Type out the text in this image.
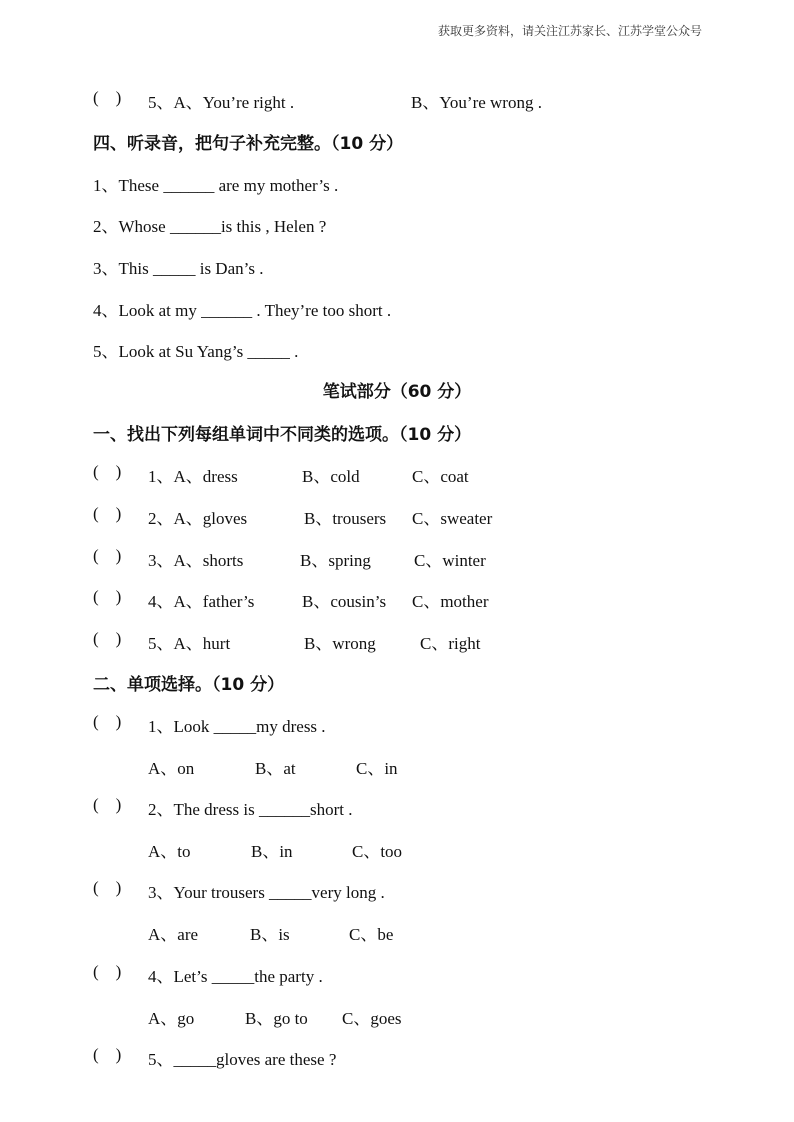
获取更多资料，请关注江苏家长、江苏学堂公众号
(    ) 5、A、You’re right .	B、You’re wrong .
四、听录音，把句子补充完整。（10 分）
1、These ______ are my mother’s .
2、Whose ______is this , Helen ?
3、This _____ is Dan’s .
4、Look at my ______ . They’re too short .
5、Look at Su Yang’s _____ .
笔试部分（60 分）
一、找出下列每组单词中不同类的选项。（10 分）
(    ) 1、A、dress	B、cold	C、coat
(    ) 2、A、gloves	B、trousers C、sweater
(    ) 3、A、shorts	B、spring	C、winter
(    ) 4、A、father’s	B、cousin’s C、mother
(    ) 5、A、hurt	B、wrong	C、right
二、单项选择。（10 分）
(    ) 1、Look _____my dress .
A、on	B、at	C、in
(    ) 2、The dress is ______short .
A、to	B、in	C、too
(    ) 3、Your trousers _____very long .
A、are	B、is	C、be
(    ) 4、Let’s _____the party .
A、go	B、go to C、goes
(    ) 5、_____gloves are these ?
